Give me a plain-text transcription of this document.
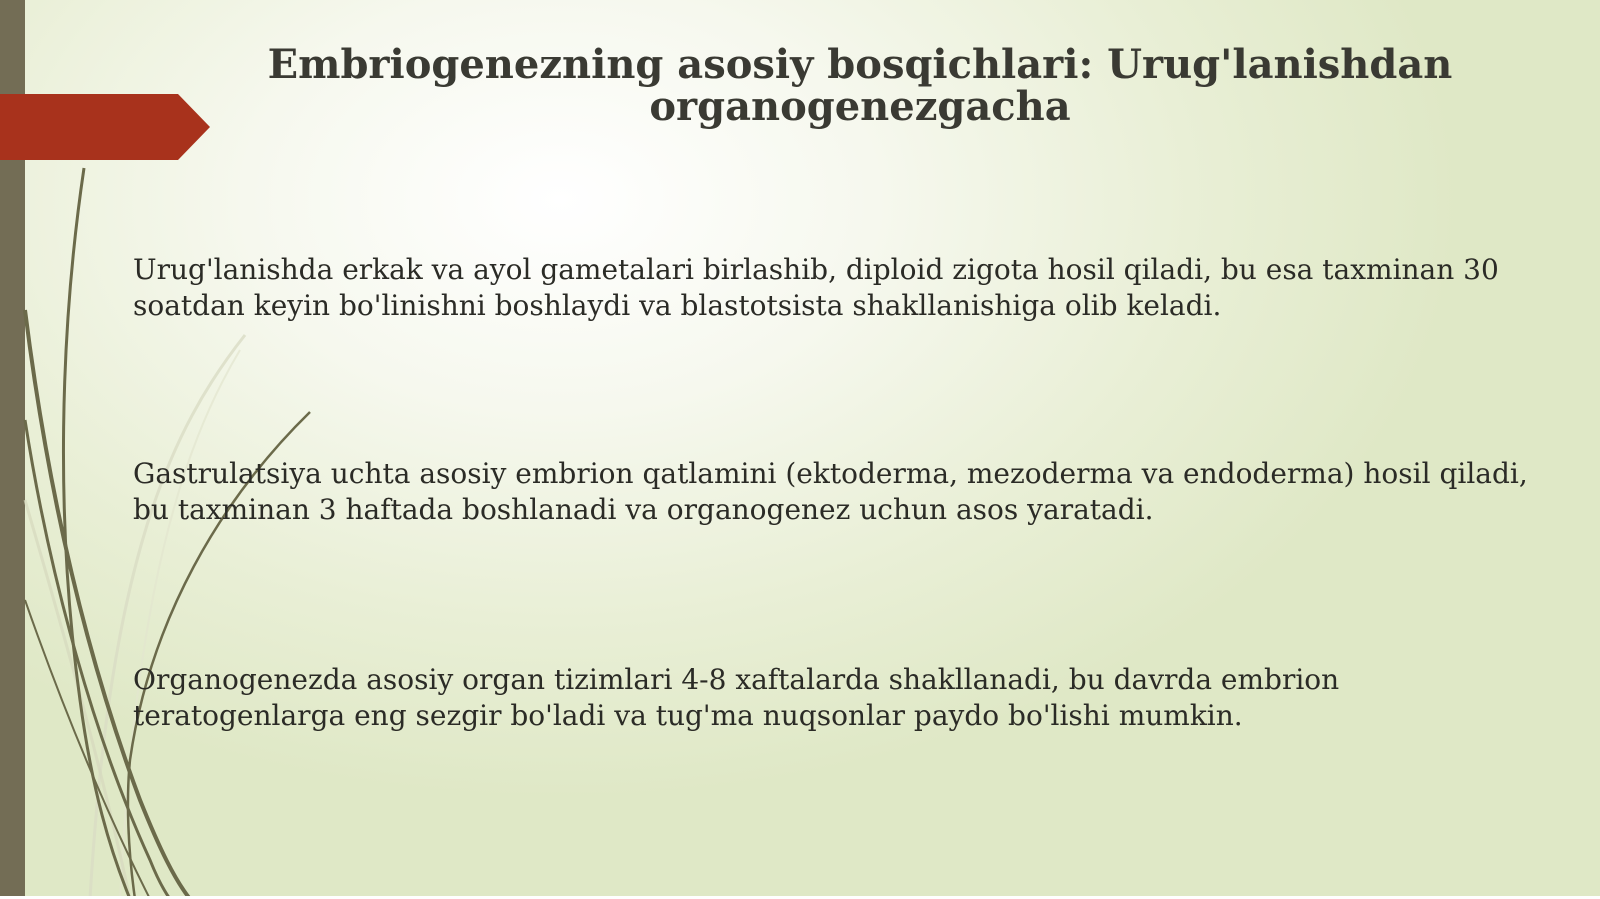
Embriogenezning asosiy bosqichlari: Urug'lanishdan organogenezgacha
Urug'lanishda erkak va ayol gametalari birlashib, diploid zigota hosil qiladi, bu esa taxminan 30 soatdan keyin bo'linishni boshlaydi va blastotsista shakllanishiga olib keladi.
Gastrulatsiya uchta asosiy embrion qatlamini (ektoderma, mezoderma va endoderma) hosil qiladi, bu taxminan 3 haftada boshlanadi va organogenez uchun asos yaratadi.
Organogenezda asosiy organ tizimlari 4-8 xaftalarda shakllanadi, bu davrda embrion teratogenlarga eng sezgir bo'ladi va tug'ma nuqsonlar paydo bo'lishi mumkin.
